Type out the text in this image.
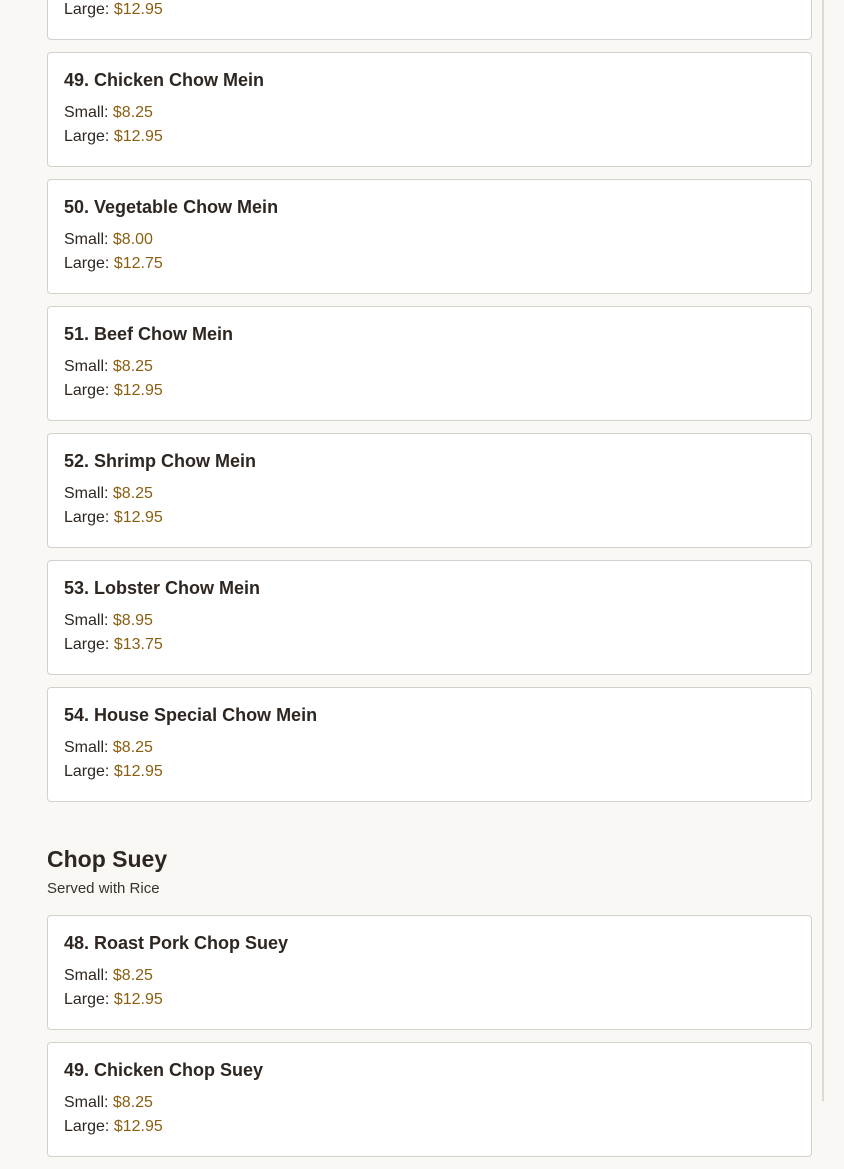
Large: $12.95
49. Chicken Chow Mein
Small: $8.25
Large: $12.95
50. Vegetable Chow Mein
Small: $8.00
Large: $12.75
51. Beef Chow Mein
Small: $8.25
Large: $12.95
52. Shrimp Chow Mein
Small: $8.25
Large: $12.95
53. Lobster Chow Mein
Small: $8.95
Large: $13.75
54. House Special Chow Mein
Small: $8.25
Large: $12.95
Chop Suey
Served with Rice
48. Roast Pork Chop Suey
Small: $8.25
Large: $12.95
49. Chicken Chop Suey
Small: $8.25
Large: $12.95
